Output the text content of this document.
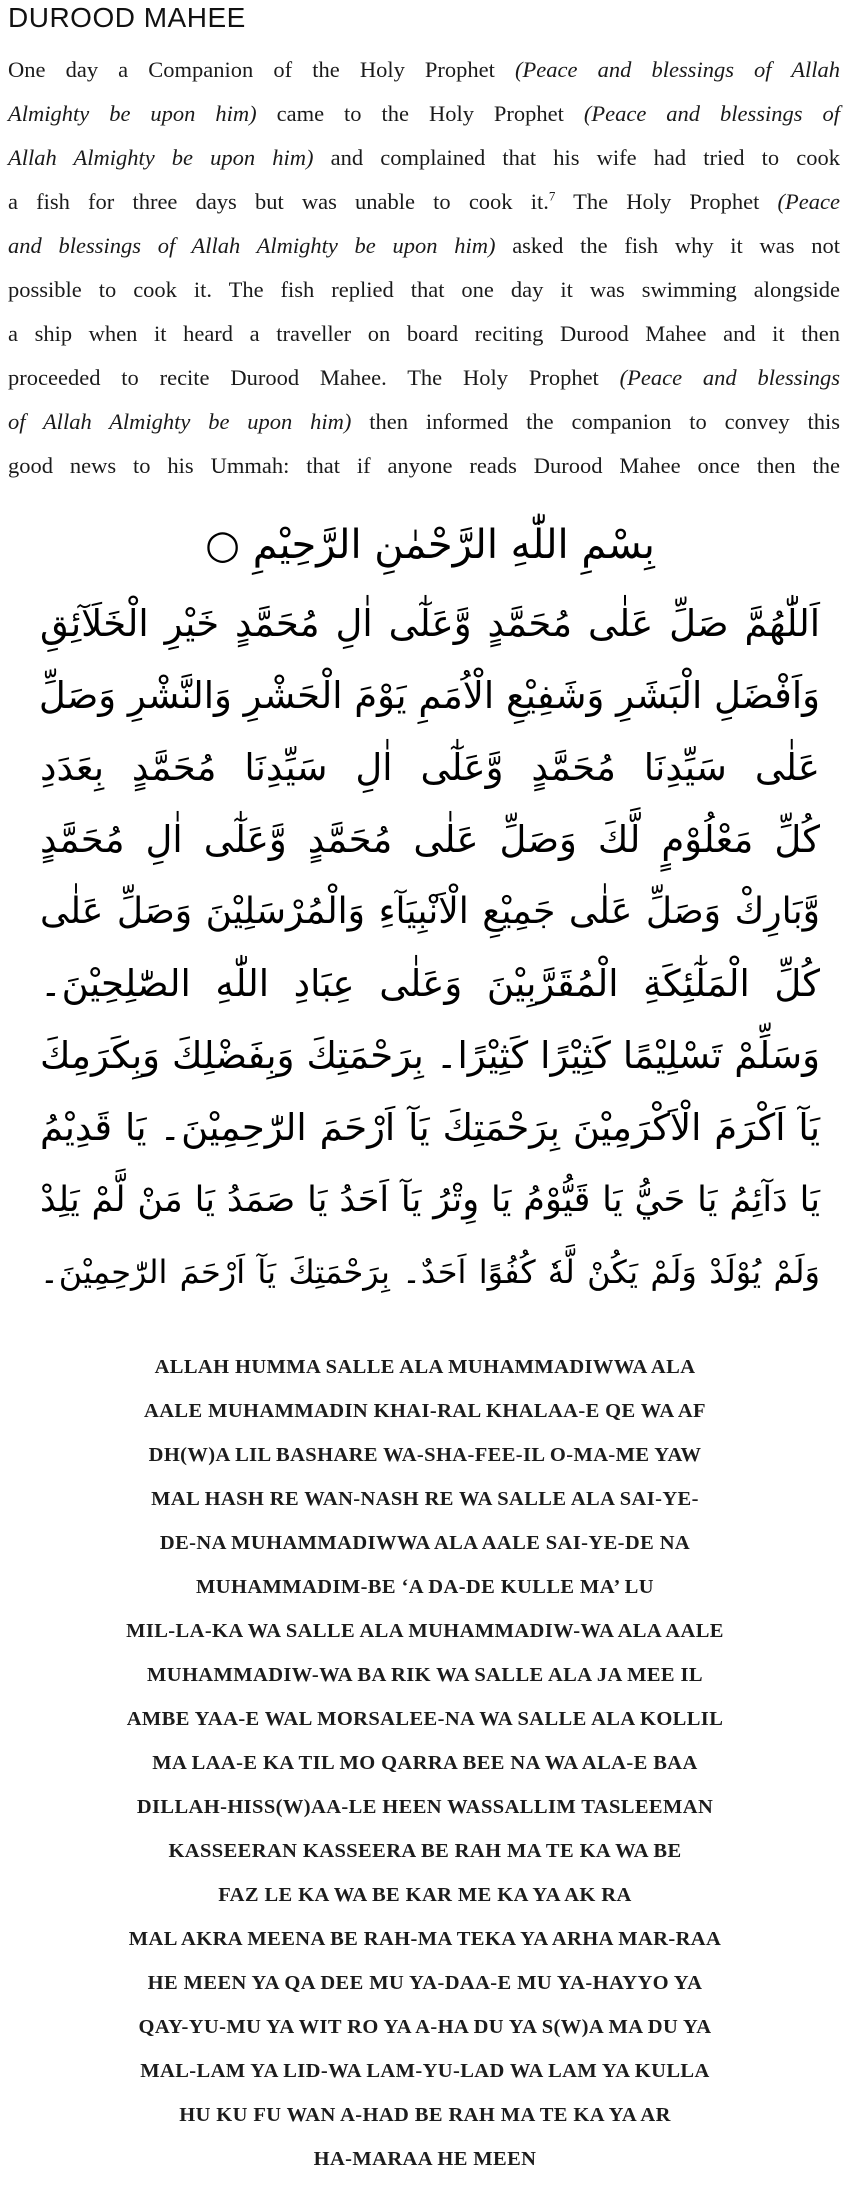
DUROOD MAHEE
One day a Companion of the Holy Prophet (Peace and blessings of Allah
Almighty be upon him) came to the Holy Prophet (Peace and blessings of
Allah Almighty be upon him) and complained that his wife had tried to cook
a fish for three days but was unable to cook it.$^7$ The Holy Prophet (Peace
and blessings of Allah Almighty be upon him) asked the fish why it was not
possible to cook it. The fish replied that one day it was swimming alongside
a ship when it heard a traveller on board reciting Durood Mahee and it then
proceeded to recite Durood Mahee. The Holy Prophet (Peace and blessings
of Allah Almighty be upon him) then informed the companion to convey this
good news to his Ummah: that if anyone reads Durood Mahee once then the

بِسْمِ اللّٰهِ الرَّحْمٰنِ الرَّحِيْمِ ○

اَللّٰهُمَّ صَلِّ عَلٰى مُحَمَّدٍ وَّعَلٰٓى اٰلِ مُحَمَّدٍ خَيْرِ الْخَلَآئِقِ

وَاَفْضَلِ الْبَشَرِ وَشَفِيْعِ الْاُمَمِ يَوْمَ الْحَشْرِ وَالنَّشْرِ وَصَلِّ

عَلٰى سَيِّدِنَا مُحَمَّدٍ وَّعَلٰٓى اٰلِ سَيِّدِنَا مُحَمَّدٍ بِعَدَدِ

كُلِّ مَعْلُوْمٍ لَّكَ وَصَلِّ عَلٰى مُحَمَّدٍ وَّعَلٰٓى اٰلِ مُحَمَّدٍ

وَّبَارِكْ وَصَلِّ عَلٰى جَمِيْعِ الْاَنْبِيَآءِ وَالْمُرْسَلِيْنَ وَصَلِّ عَلٰى

كُلِّ الْمَلٰٓئِكَةِ الْمُقَرَّبِيْنَ وَعَلٰى عِبَادِ اللّٰهِ الصّٰلِحِيْنَ۔

وَسَلِّمْ تَسْلِيْمًا كَثِيْرًا كَثِيْرًا۔ بِرَحْمَتِكَ وَبِفَضْلِكَ وَبِكَرَمِكَ

يَآ اَكْرَمَ الْاَكْرَمِيْنَ بِرَحْمَتِكَ يَآ اَرْحَمَ الرّٰحِمِيْنَ۔ يَا قَدِيْمُ

يَا دَآئِمُ يَا حَيُّ يَا قَيُّوْمُ يَا وِتْرُ يَآ اَحَدُ يَا صَمَدُ يَا مَنْ لَّمْ يَلِدْ

وَلَمْ يُوْلَدْ وَلَمْ يَكُنْ لَّهٗ كُفُوًا اَحَدٌ۔ بِرَحْمَتِكَ يَآ اَرْحَمَ الرّٰحِمِيْنَ۔

ALLAH HUMMA SALLE ALA MUHAMMADIWWA ALA
AALE MUHAMMADIN KHAI-RAL KHALAA-E QE WA AF
DH(W)A LIL BASHARE WA-SHA-FEE-IL O-MA-ME YAW
MAL HASH RE WAN-NASH RE WA SALLE ALA SAI-YE-
DE-NA MUHAMMADIWWA ALA AALE SAI-YE-DE NA
MUHAMMADIM-BE ‘A DA-DE KULLE MA’ LU
MIL-LA-KA WA SALLE ALA MUHAMMADIW-WA ALA AALE
MUHAMMADIW-WA BA RIK WA SALLE ALA JA MEE IL
AMBE YAA-E WAL MORSALEE-NA WA SALLE ALA KOLLIL
MA LAA-E KA TIL MO QARRA BEE NA WA ALA-E BAA
DILLAH-HISS(W)AA-LE HEEN WASSALLIM TASLEEMAN
KASSEERAN KASSEERA BE RAH MA TE KA WA BE
FAZ LE KA WA BE KAR ME KA YA AK RA
MAL AKRA MEENA BE RAH-MA TEKA YA ARHA MAR-RAA
HE MEEN YA QA DEE MU YA-DAA-E MU YA-HAYYO YA
QAY-YU-MU YA WIT RO YA A-HA DU YA S(W)A MA DU YA
MAL-LAM YA LID-WA LAM-YU-LAD WA LAM YA KULLA
HU KU FU WAN A-HAD BE RAH MA TE KA YA AR
HA-MARAA HE MEEN
